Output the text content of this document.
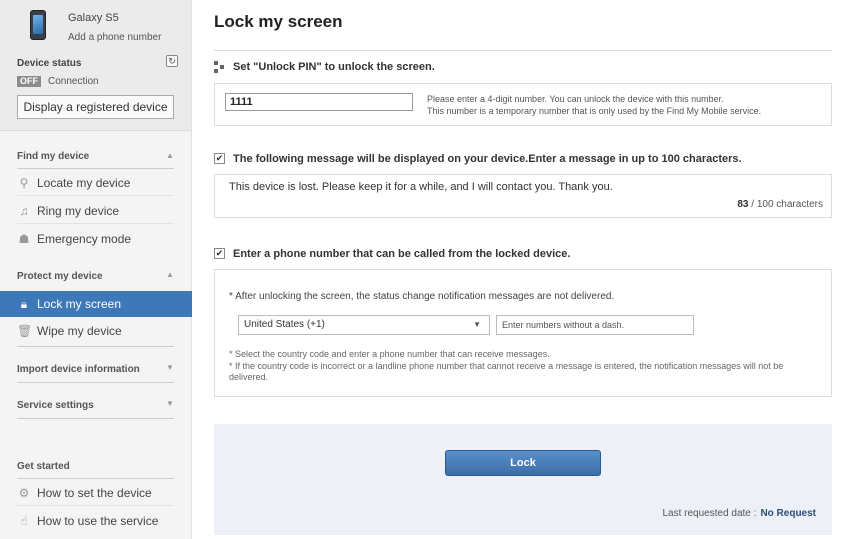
Galaxy S5
Add a phone number
Device status	↻
OFF	Connection
Display a registered device
Find my device	▲
⚲ Locate my device
♫ Ring my device
☗ Emergency mode
Protect my device	▲
🔒︎ Lock my screen
🗑︎ Wipe my device
Import device information	▼
Service settings	▼
Get started
⚙ How to set the device
☝ How to use the service
Lock my screen
Set "Unlock PIN" to unlock the screen.
1111	Please enter a 4-digit number. You can unlock the device with this number.
This number is a temporary number that is only used by the Find My Mobile service.
✔ The following message will be displayed on your device.Enter a message in up to 100 characters.
This device is lost. Please keep it for a while, and I will contact you. Thank you.
83 / 100 characters
✔ Enter a phone number that can be called from the locked device.
* After unlocking the screen, the status change notification messages are not delivered.
United States (+1)	▼	Enter numbers without a dash.
* Select the country code and enter a phone number that can receive messages.
* If the country code is incorrect or a landline phone number that cannot receive a message is entered, the notification messages will not be delivered.
Lock
Last requested date : No Request
